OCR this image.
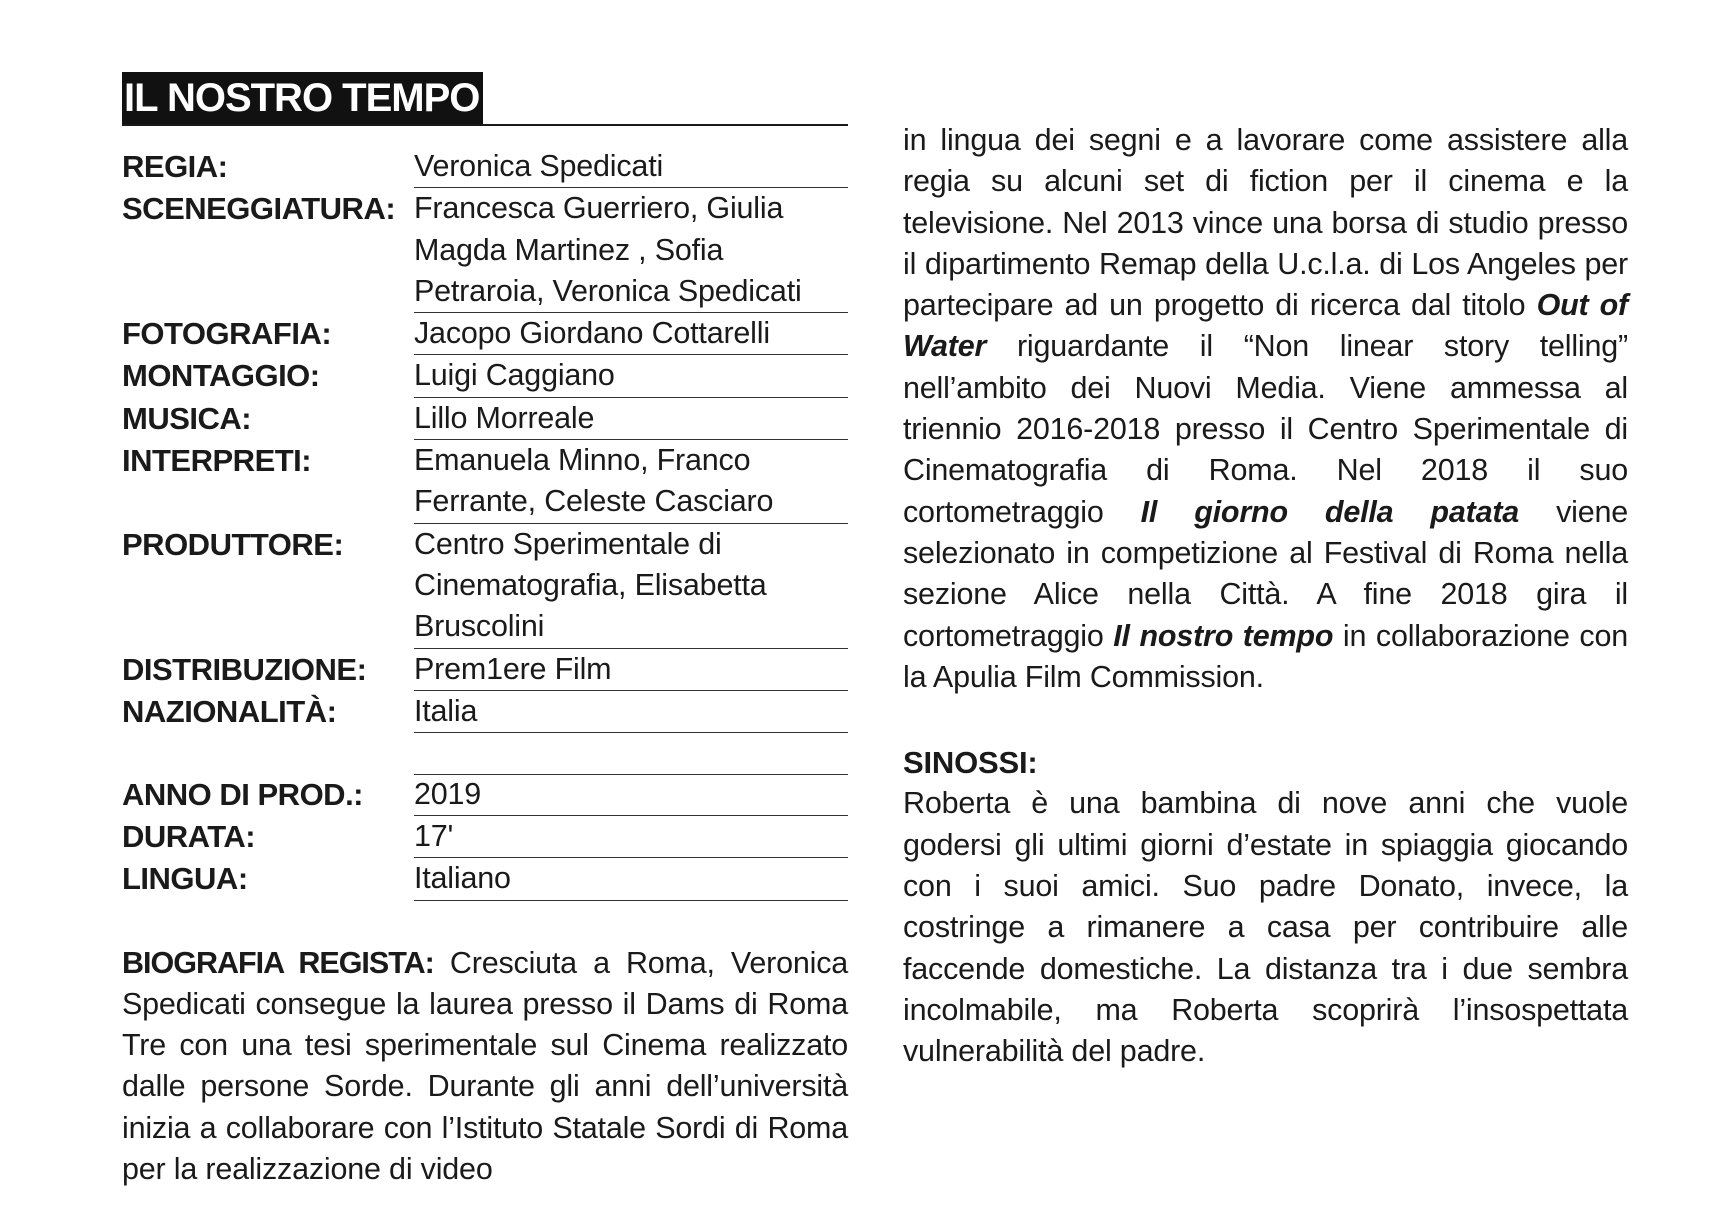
IL NOSTRO TEMPO
REGIA:	Veronica Spedicati
SCENEGGIATURA: Francesca Guerriero, Giulia Magda Martinez , Sofia Petraroia, Veronica Spedicati
FOTOGRAFIA:	Jacopo Giordano Cottarelli
MONTAGGIO:	Luigi Caggiano
MUSICA:	Lillo Morreale
INTERPRETI:	Emanuela Minno, Franco Ferrante, Celeste Casciaro
PRODUTTORE:	Centro Sperimentale di Cinematografia, Elisabetta Bruscolini
DISTRIBUZIONE:	Prem1ere Film
NAZIONALITÀ:	Italia
ANNO DI PROD.:	2019
DURATA:	17'
LINGUA:	Italiano
BIOGRAFIA REGISTA: Cresciuta a Roma, Veronica Spedicati consegue la laurea presso il Dams di Roma Tre con una tesi sperimentale sul Cinema realizzato dalle persone Sorde. Durante gli anni dell’università inizia a collaborare con l’Istituto Statale Sordi di Roma per la realizzazione di video

in lingua dei segni e a lavorare come assistere alla regia su alcuni set di fiction per il cinema e la televisione. Nel 2013 vince una borsa di studio presso il dipartimento Remap della U.c.l.a. di Los Angeles per partecipare ad un progetto di ricerca dal titolo Out of Water riguardante il “Non linear story telling” nell’ambito dei Nuovi Media. Viene ammessa al triennio 2016-2018 presso il Centro Sperimentale di Cinematografia di Roma. Nel 2018 il suo cortometraggio Il giorno della patata viene selezionato in competizione al Festival di Roma nella sezione Alice nella Città. A fine 2018 gira il cortometraggio Il nostro tempo in collaborazione con la Apulia Film Commission.

SINOSSI:

Roberta è una bambina di nove anni che vuole godersi gli ultimi giorni d’estate in spiaggia giocando con i suoi amici. Suo padre Donato, invece, la costringe a rimanere a casa per contribuire alle faccende domestiche. La distanza tra i due sembra incolmabile, ma Roberta scoprirà l’insospettata vulnerabilità del padre.
